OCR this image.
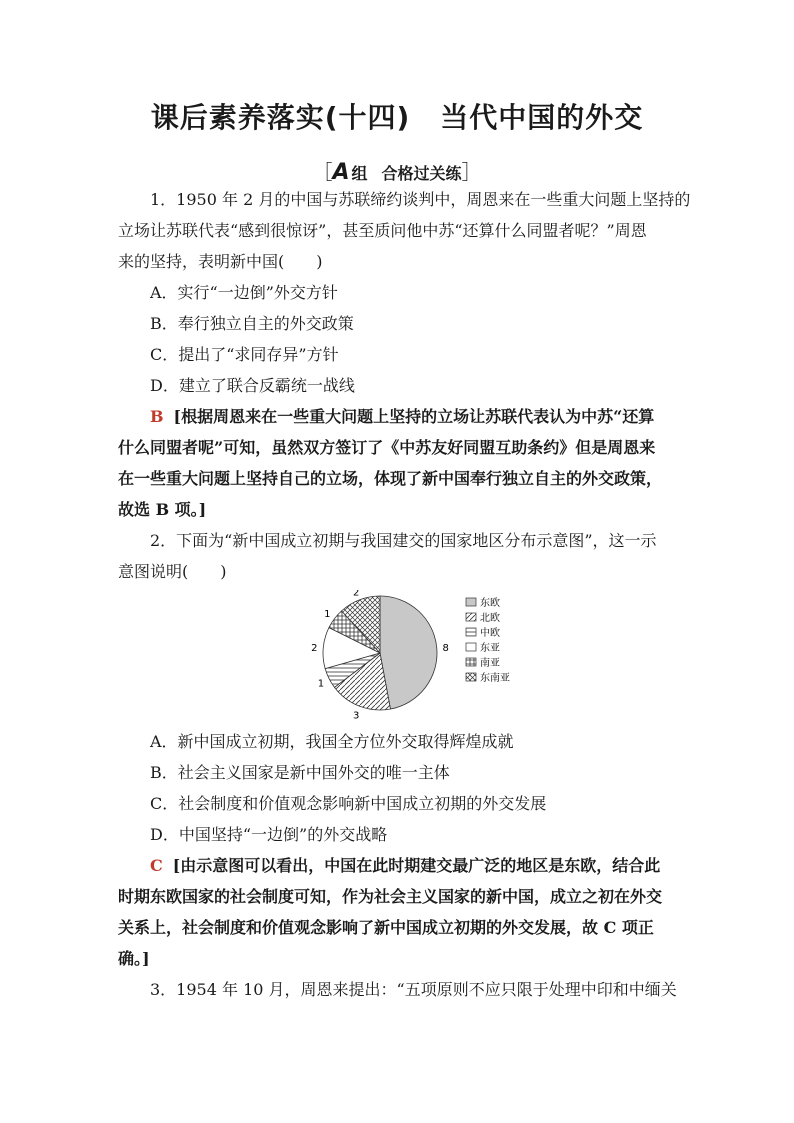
课后素养落实(十四) 当代中国的外交
［A 组 合格过关练］
1．1950 年 2 月的中国与苏联缔约谈判中，周恩来在一些重大问题上坚持的
立场让苏联代表“感到很惊讶”，甚至质问他中苏“还算什么同盟者呢？”周恩
来的坚持，表明新中国(　　)
A．实行“一边倒”外交方针
B．奉行独立自主的外交政策
C．提出了“求同存异”方针
D．建立了联合反霸统一战线
B [根据周恩来在一些重大问题上坚持的立场让苏联代表认为中苏“还算
什么同盟者呢”可知，虽然双方签订了《中苏友好同盟互助条约》但是周恩来
在一些重大问题上坚持自己的立场，体现了新中国奉行独立自主的外交政策，
故选 B 项。]
2．下面为“新中国成立初期与我国建交的国家地区分布示意图”，这一示
意图说明(　　)
8
3
1
2
1
2
东欧
北欧
中欧
东亚
南亚
东南亚
A．新中国成立初期，我国全方位外交取得辉煌成就
B．社会主义国家是新中国外交的唯一主体
C．社会制度和价值观念影响新中国成立初期的外交发展
D．中国坚持“一边倒”的外交战略
C [由示意图可以看出，中国在此时期建交最广泛的地区是东欧，结合此
时期东欧国家的社会制度可知，作为社会主义国家的新中国，成立之初在外交
关系上，社会制度和价值观念影响了新中国成立初期的外交发展，故 C 项正
确。]
3．1954 年 10 月，周恩来提出：“五项原则不应只限于处理中印和中缅关
